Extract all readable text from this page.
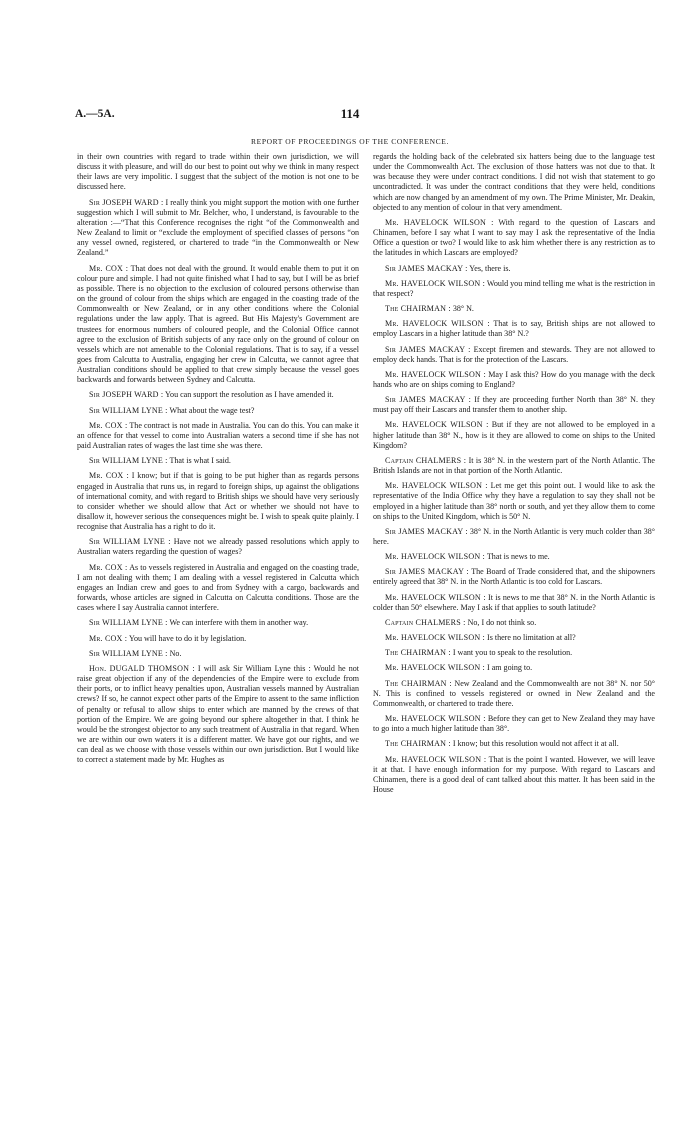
A.—5A.	114
REPORT OF PROCEEDINGS OF THE CONFERENCE.

in their own countries with regard to trade within their own jurisdiction, we will discuss it with pleasure, and will do our best to point out why we think in many respect their laws are very impolitic. I suggest that the subject of the motion is not one to be discussed here.

Sir JOSEPH WARD : I really think you might support the motion with one further suggestion which I will submit to Mr. Belcher, who, I understand, is favourable to the alteration :—“That this Conference recognises the right “of the Commonwealth and New Zealand to limit or “exclude the employment of specified classes of persons “on any vessel owned, registered, or chartered to trade “in the Commonwealth or New Zealand.”

Mr. COX : That does not deal with the ground. It would enable them to put it on colour pure and simple. I had not quite finished what I had to say, but I will be as brief as possible. There is no objection to the exclusion of coloured persons otherwise than on the ground of colour from the ships which are engaged in the coasting trade of the Commonwealth or New Zealand, or in any other conditions where the Colonial regulations under the law apply. That is agreed. But His Majesty's Government are trustees for enormous numbers of coloured people, and the Colonial Office cannot agree to the exclusion of British subjects of any race only on the ground of colour on vessels which are not amenable to the Colonial regulations. That is to say, if a vessel goes from Calcutta to Australia, engaging her crew in Calcutta, we cannot agree that Australian conditions should be applied to that crew simply because the vessel goes backwards and forwards between Sydney and Calcutta.

Sir JOSEPH WARD : You can support the resolution as I have amended it.

Sir WILLIAM LYNE : What about the wage test?

Mr. COX : The contract is not made in Australia. You can do this. You can make it an offence for that vessel to come into Australian waters a second time if she has not paid Australian rates of wages the last time she was there.

Sir WILLIAM LYNE : That is what I said.

Mr. COX : I know; but if that is going to be put higher than as regards persons engaged in Australia that runs us, in regard to foreign ships, up against the obligations of international comity, and with regard to British ships we should have very seriously to consider whether we should allow that Act or whether we should not have to disallow it, however serious the consequences might be. I wish to speak quite plainly. I recognise that Australia has a right to do it.

Sir WILLIAM LYNE : Have not we already passed resolutions which apply to Australian waters regarding the question of wages?

Mr. COX : As to vessels registered in Australia and engaged on the coasting trade, I am not dealing with them; I am dealing with a vessel registered in Calcutta which engages an Indian crew and goes to and from Sydney with a cargo, backwards and forwards, whose articles are signed in Calcutta on Calcutta conditions. Those are the cases where I say Australia cannot interfere.

Sir WILLIAM LYNE : We can interfere with them in another way.

Mr. COX : You will have to do it by legislation.

Sir WILLIAM LYNE : No.

Hon. DUGALD THOMSON : I will ask Sir William Lyne this : Would he not raise great objection if any of the dependencies of the Empire were to exclude from their ports, or to inflict heavy penalties upon, Australian vessels manned by Australian crews? If so, he cannot expect other parts of the Empire to assent to the same infliction of penalty or refusal to allow ships to enter which are manned by the crews of that portion of the Empire. We are going beyond our sphere altogether in that. I think he would be the strongest objector to any such treatment of Australia in that regard. When we are within our own waters it is a different matter. We have got our rights, and we can deal as we choose with those vessels within our own jurisdiction. But I would like to correct a statement made by Mr. Hughes as

regards the holding back of the celebrated six hatters being due to the language test under the Commonwealth Act. The exclusion of those hatters was not due to that. It was because they were under contract conditions. I did not wish that statement to go uncontradicted. It was under the contract conditions that they were held, conditions which are now changed by an amendment of my own. The Prime Minister, Mr. Deakin, objected to any mention of colour in that very amendment.

Mr. HAVELOCK WILSON : With regard to the question of Lascars and Chinamen, before I say what I want to say may I ask the representative of the India Office a question or two? I would like to ask him whether there is any restriction as to the latitudes in which Lascars are employed?

Sir JAMES MACKAY : Yes, there is.

Mr. HAVELOCK WILSON : Would you mind telling me what is the restriction in that respect?

The CHAIRMAN : 38° N.

Mr. HAVELOCK WILSON : That is to say, British ships are not allowed to employ Lascars in a higher latitude than 38° N.?

Sir JAMES MACKAY : Except firemen and stewards. They are not allowed to employ deck hands. That is for the protection of the Lascars.

Mr. HAVELOCK WILSON : May I ask this? How do you manage with the deck hands who are on ships coming to England?

Sir JAMES MACKAY : If they are proceeding further North than 38° N. they must pay off their Lascars and transfer them to another ship.

Mr. HAVELOCK WILSON : But if they are not allowed to be employed in a higher latitude than 38° N., how is it they are allowed to come on ships to the United Kingdom?

Captain CHALMERS : It is 38° N. in the western part of the North Atlantic. The British Islands are not in that portion of the North Atlantic.

Mr. HAVELOCK WILSON : Let me get this point out. I would like to ask the representative of the India Office why they have a regulation to say they shall not be employed in a higher latitude than 38° north or south, and yet they allow them to come on ships to the United Kingdom, which is 50° N.

Sir JAMES MACKAY : 38° N. in the North Atlantic is very much colder than 38° here.

Mr. HAVELOCK WILSON : That is news to me.

Sir JAMES MACKAY : The Board of Trade considered that, and the shipowners entirely agreed that 38° N. in the North Atlantic is too cold for Lascars.

Mr. HAVELOCK WILSON : It is news to me that 38° N. in the North Atlantic is colder than 50° elsewhere. May I ask if that applies to south latitude?

Captain CHALMERS : No, I do not think so.

Mr. HAVELOCK WILSON : Is there no limitation at all?

The CHAIRMAN : I want you to speak to the resolution.

Mr. HAVELOCK WILSON : I am going to.

The CHAIRMAN : New Zealand and the Commonwealth are not 38° N. nor 50° N. This is confined to vessels registered or owned in New Zealand and the Commonwealth, or chartered to trade there.

Mr. HAVELOCK WILSON : Before they can get to New Zealand they may have to go into a much higher latitude than 38°.

The CHAIRMAN : I know; but this resolution would not affect it at all.

Mr. HAVELOCK WILSON : That is the point I wanted. However, we will leave it at that. I have enough information for my purpose. With regard to Lascars and Chinamen, there is a good deal of cant talked about this matter. It has been said in the House
